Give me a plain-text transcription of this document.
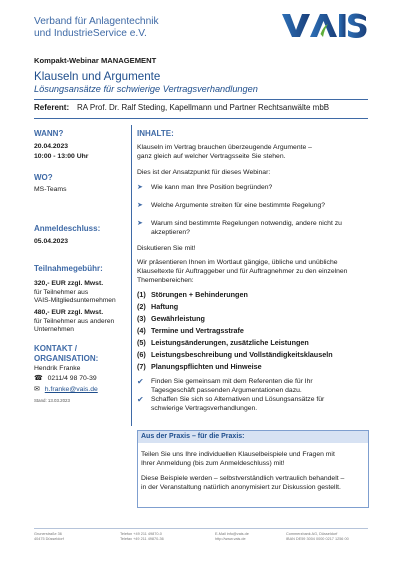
Verband für Anlagentechnik
und IndustrieService e.V.
Kompakt-Webinar MANAGEMENT
Klauseln und Argumente
Lösungsansätze für schwierige Vertragsverhandlungen
Referent: RA Prof. Dr. Ralf Steding, Kapellmann und Partner Rechtsanwälte mbB
WANN?
20.04.2023
10:00 - 13:00 Uhr
WO?
MS-Teams
Anmeldeschluss:
05.04.2023
Teilnahmegebühr:
320,- EUR zzgl. Mwst.
für Teilnehmer aus
VAIS-Mitgliedsunternehmen
480,- EUR zzgl. Mwst.
für Teilnehmer aus anderen
Unternehmen
KONTAKT /
ORGANISATION:
Hendrik Franke
☎ 0211/4 98 70-39
✉ h.franke@vais.de
Stand: 13.03.2023
INHALTE:
Klauseln im Vertrag brauchen überzeugende Argumente –
ganz gleich auf welcher Vertragsseite Sie stehen.
Dies ist der Ansatzpunkt für dieses Webinar:
➤ Wie kann man Ihre Position begründen?
➤ Welche Argumente streiten für eine bestimmte Regelung?
➤ Warum sind bestimmte Regelungen notwendig, andere nicht zu
akzeptieren?
Diskutieren Sie mit!
Wir präsentieren Ihnen im Wortlaut gängige, übliche und unübliche
Klauseltexte für Auftraggeber und für Auftragnehmer zu den einzelnen
Themenbereichen:
(1) Störungen + Behinderungen
(2) Haftung
(3) Gewährleistung
(4) Termine und Vertragsstrafe
(5) Leistungsänderungen, zusätzliche Leistungen
(6) Leistungsbeschreibung und Vollständigkeitsklauseln
(7) Planungspflichten und Hinweise
✔ Finden Sie gemeinsam mit dem Referenten die für Ihr
Tagesgeschäft passenden Argumentationen dazu.
✔ Schaffen Sie sich so Alternativen und Lösungsansätze für
schwierige Vertragsverhandlungen.
Aus der Praxis – für die Praxis:
Teilen Sie uns Ihre individuellen Klauselbeispiele und Fragen mit
Ihrer Anmeldung (bis zum Anmeldeschluss) mit!
Diese Beispiele werden – selbstverständlich vertraulich behandelt –
in der Veranstaltung natürlich anonymisiert zur Diskussion gestellt.
Grunerstraße 36
40475 Düsseldorf
Telefon +49 211 49870-0
Telefax +49 211 49870-36
E-Mail info@vais.de
http://www.vais.de
Commerzbank AG, Düsseldorf
IBAN DE59 3004 0000 0217 1256 00
